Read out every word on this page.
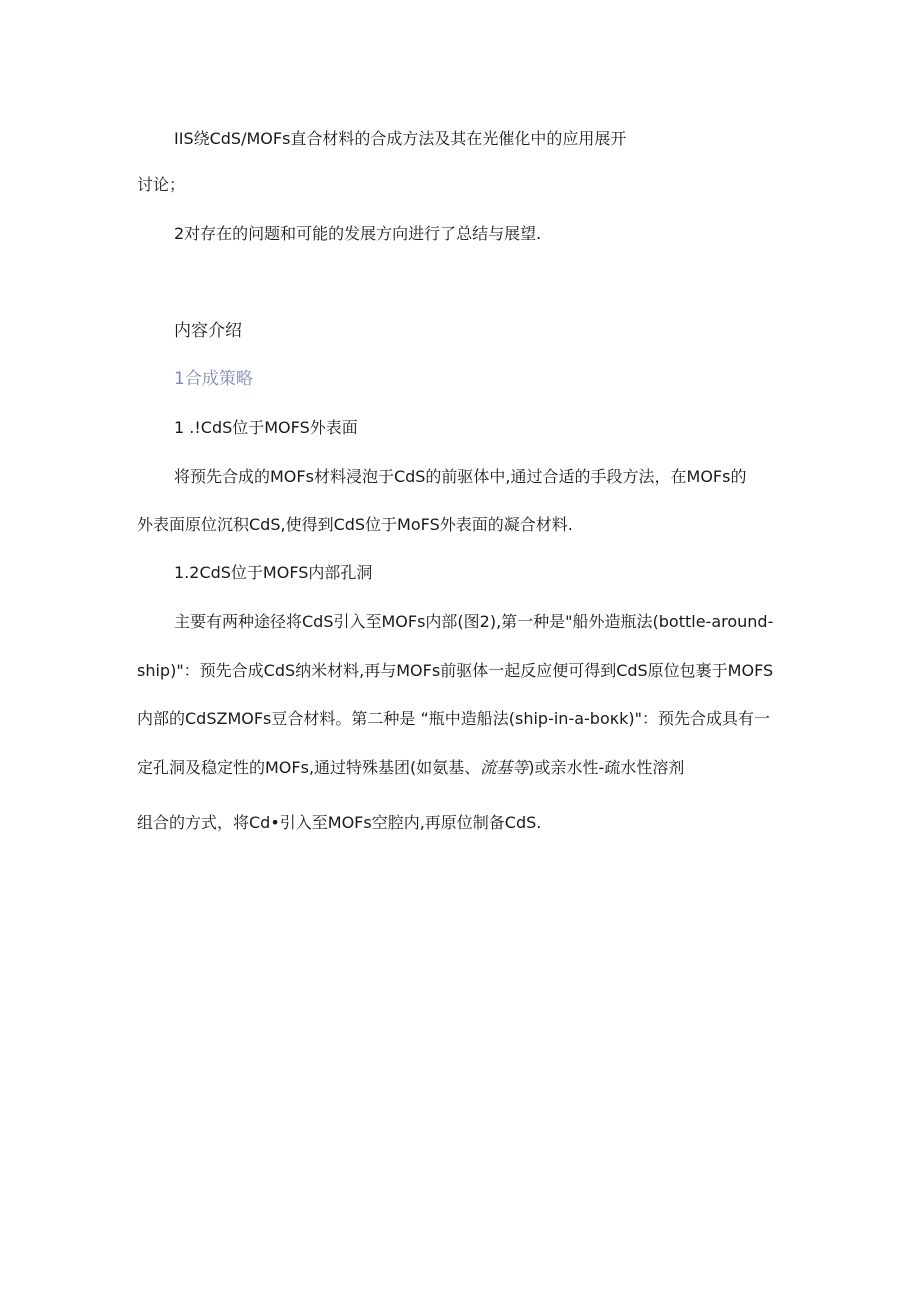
IIS绕CdS/MOFs直合材料的合成方法及其在光催化中的应用展开
讨论；
2对存在的问题和可能的发展方向进行了总结与展望.
内容介绍
1合成策略
1 .!CdS位于MOFS外表面
将预先合成的MOFs材料浸泡于CdS的前驱体中,通过合适的手段方法，在MOFs的
外表面原位沉积CdS,使得到CdS位于MoFS外表面的凝合材料.
1.2CdS位于MOFS内部孔洞
主要有两种途径将CdS引入至MOFs内部(图2),第一种是"船外造瓶法(bottle-around-
ship)"：预先合成CdS纳米材料,再与MOFs前驱体一起反应便可得到CdS原位包裹于MOFS
内部的CdSZMOFs豆合材料。第二种是 “瓶中造船法(ship-in-a-boκk)"：预先合成具有一
定孔洞及稳定性的MOFs,通过特殊基团(如氨基、流基等)或亲水性-疏水性溶剂
组合的方式，将Cd•引入至MOFs空腔内,再原位制备CdS.
